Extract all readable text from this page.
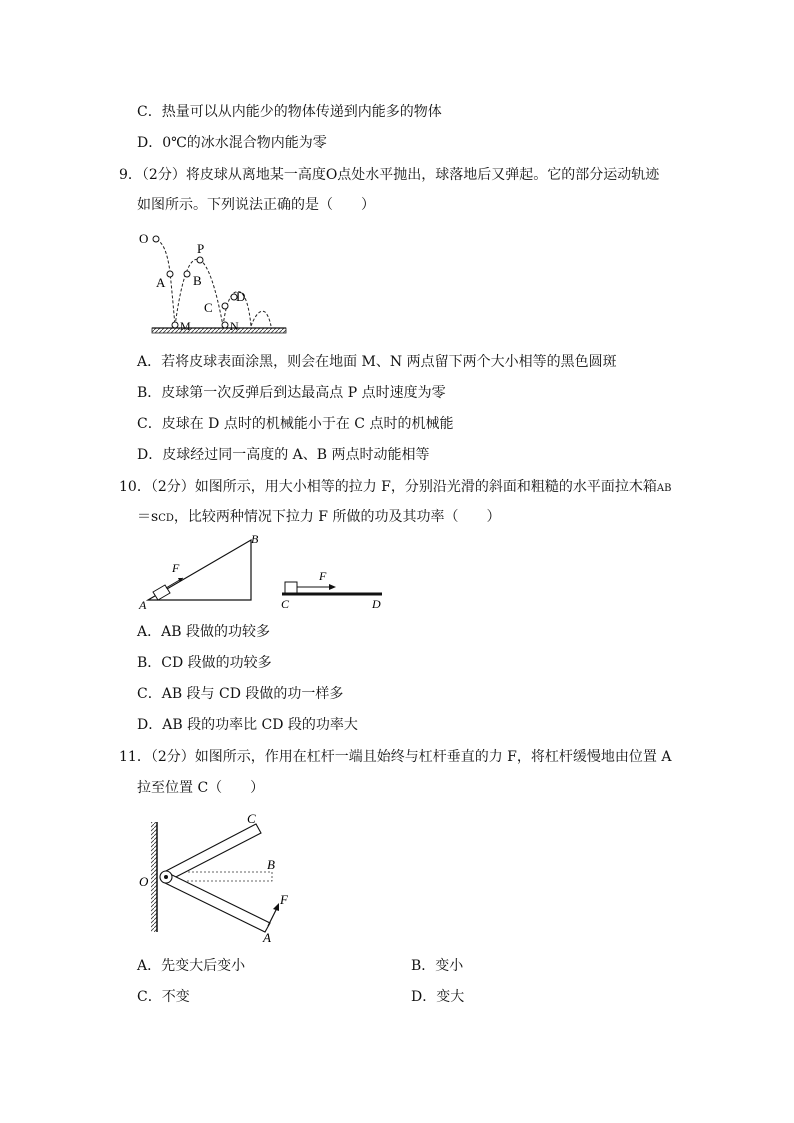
C．热量可以从内能少的物体传递到内能多的物体
D．0℃的冰水混合物内能为零
9．（2分）将皮球从离地某一高度O点处水平抛出，球落地后又弹起。它的部分运动轨迹
如图所示。下列说法正确的是（　　）
O
P
A B
C
D
M	N
A．若将皮球表面涂黑，则会在地面 M、N 两点留下两个大小相等的黑色圆斑
B．皮球第一次反弹后到达最高点 P 点时速度为零
C．皮球在 D 点时的机械能小于在 C 点时的机械能
D．皮球经过同一高度的 A、B 两点时动能相等
10．（2分）如图所示，用大小相等的拉力 F，分别沿光滑的斜面和粗糙的水平面拉木箱AB
＝sCD，比较两种情况下拉力 F 所做的功及其功率（　　）
F
A
B
F
C	D
A．AB 段做的功较多
B．CD 段做的功较多
C．AB 段与 CD 段做的功一样多
D．AB 段的功率比 CD 段的功率大
11．（2分）如图所示，作用在杠杆一端且始终与杠杆垂直的力 F，将杠杆缓慢地由位置 A
拉至位置 C（　　）
O
C
B
F
A
A．先变大后变小	B．变小
C．不变	D．变大
